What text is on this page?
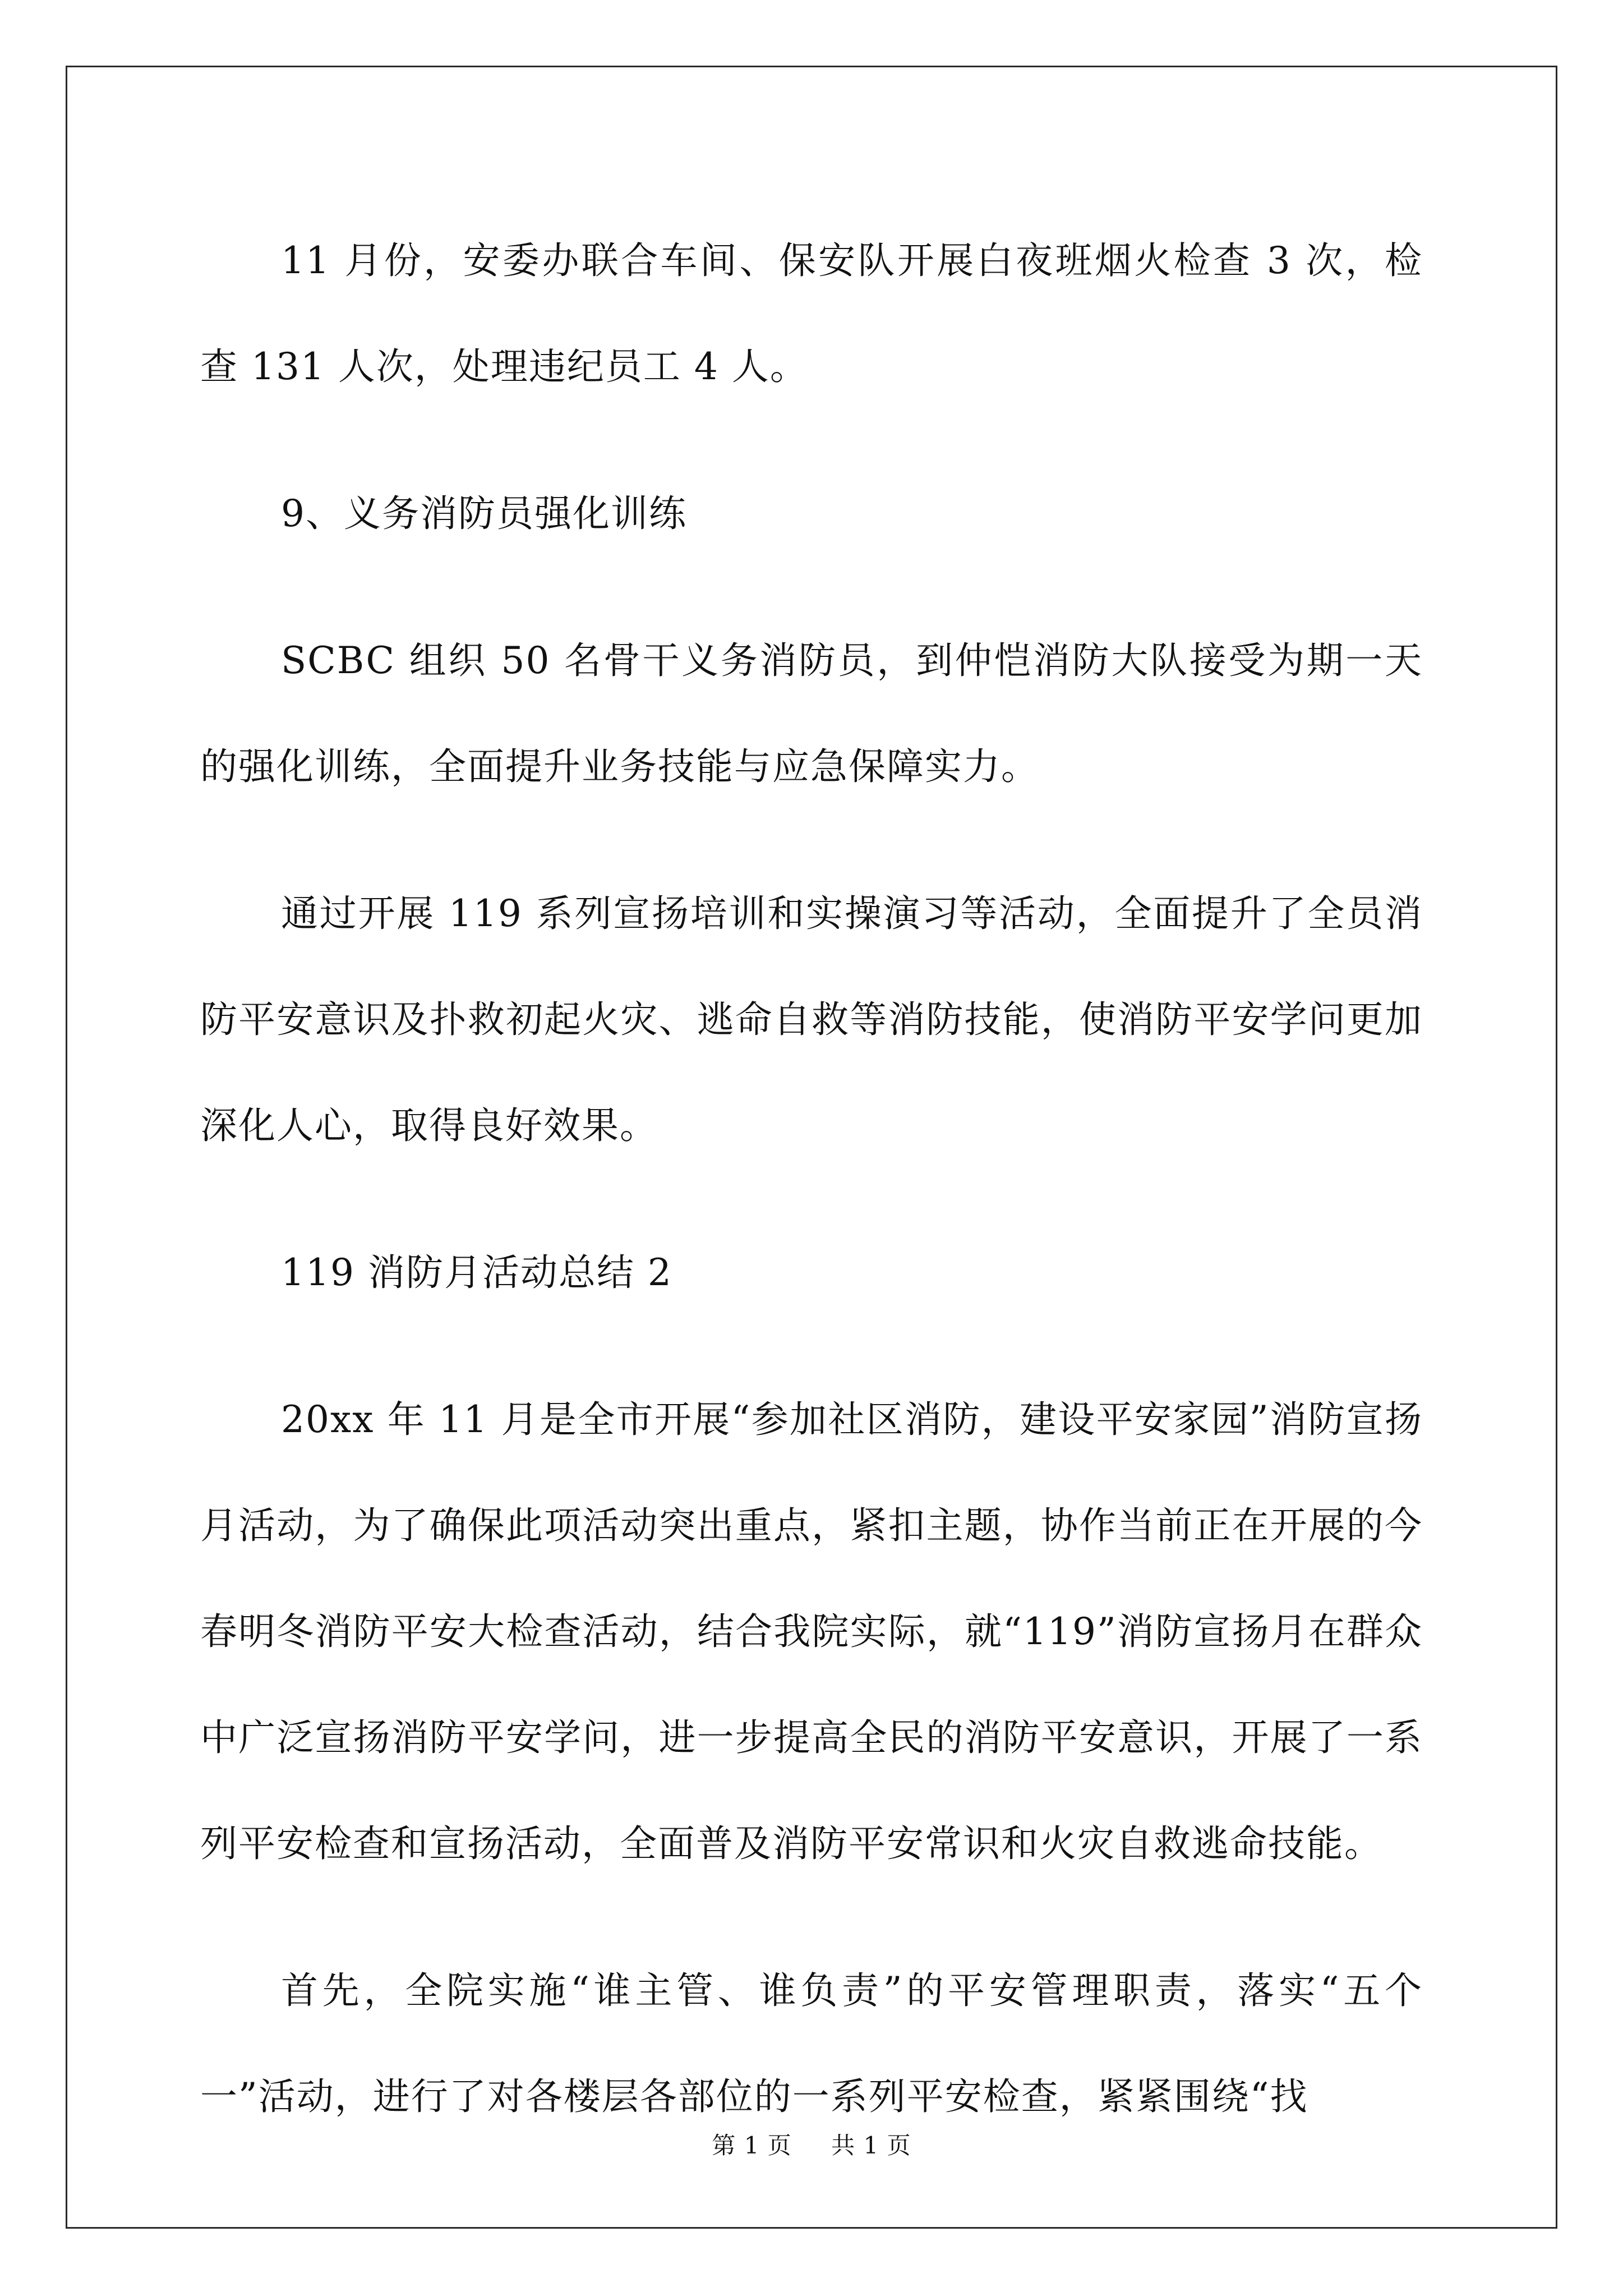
11 月份，安委办联合车间、保安队开展白夜班烟火检查 3 次，检查 131 人次，处理违纪员工 4 人。

9、义务消防员强化训练

SCBC 组织 50 名骨干义务消防员，到仲恺消防大队接受为期一天的强化训练，全面提升业务技能与应急保障实力。

通过开展 119 系列宣扬培训和实操演习等活动，全面提升了全员消防平安意识及扑救初起火灾、逃命自救等消防技能，使消防平安学问更加深化人心，取得良好效果。

119 消防月活动总结 2

20xx 年 11 月是全市开展“参加社区消防，建设平安家园”消防宣扬月活动，为了确保此项活动突出重点，紧扣主题，协作当前正在开展的今春明冬消防平安大检查活动，结合我院实际，就“119”消防宣扬月在群众中广泛宣扬消防平安学问，进一步提高全民的消防平安意识，开展了一系列平安检查和宣扬活动，全面普及消防平安常识和火灾自救逃命技能。

首先，全院实施“谁主管、谁负责”的平安管理职责，落实“五个一”活动，进行了对各楼层各部位的一系列平安检查，紧紧围绕“找

第 1 页 共 1 页
